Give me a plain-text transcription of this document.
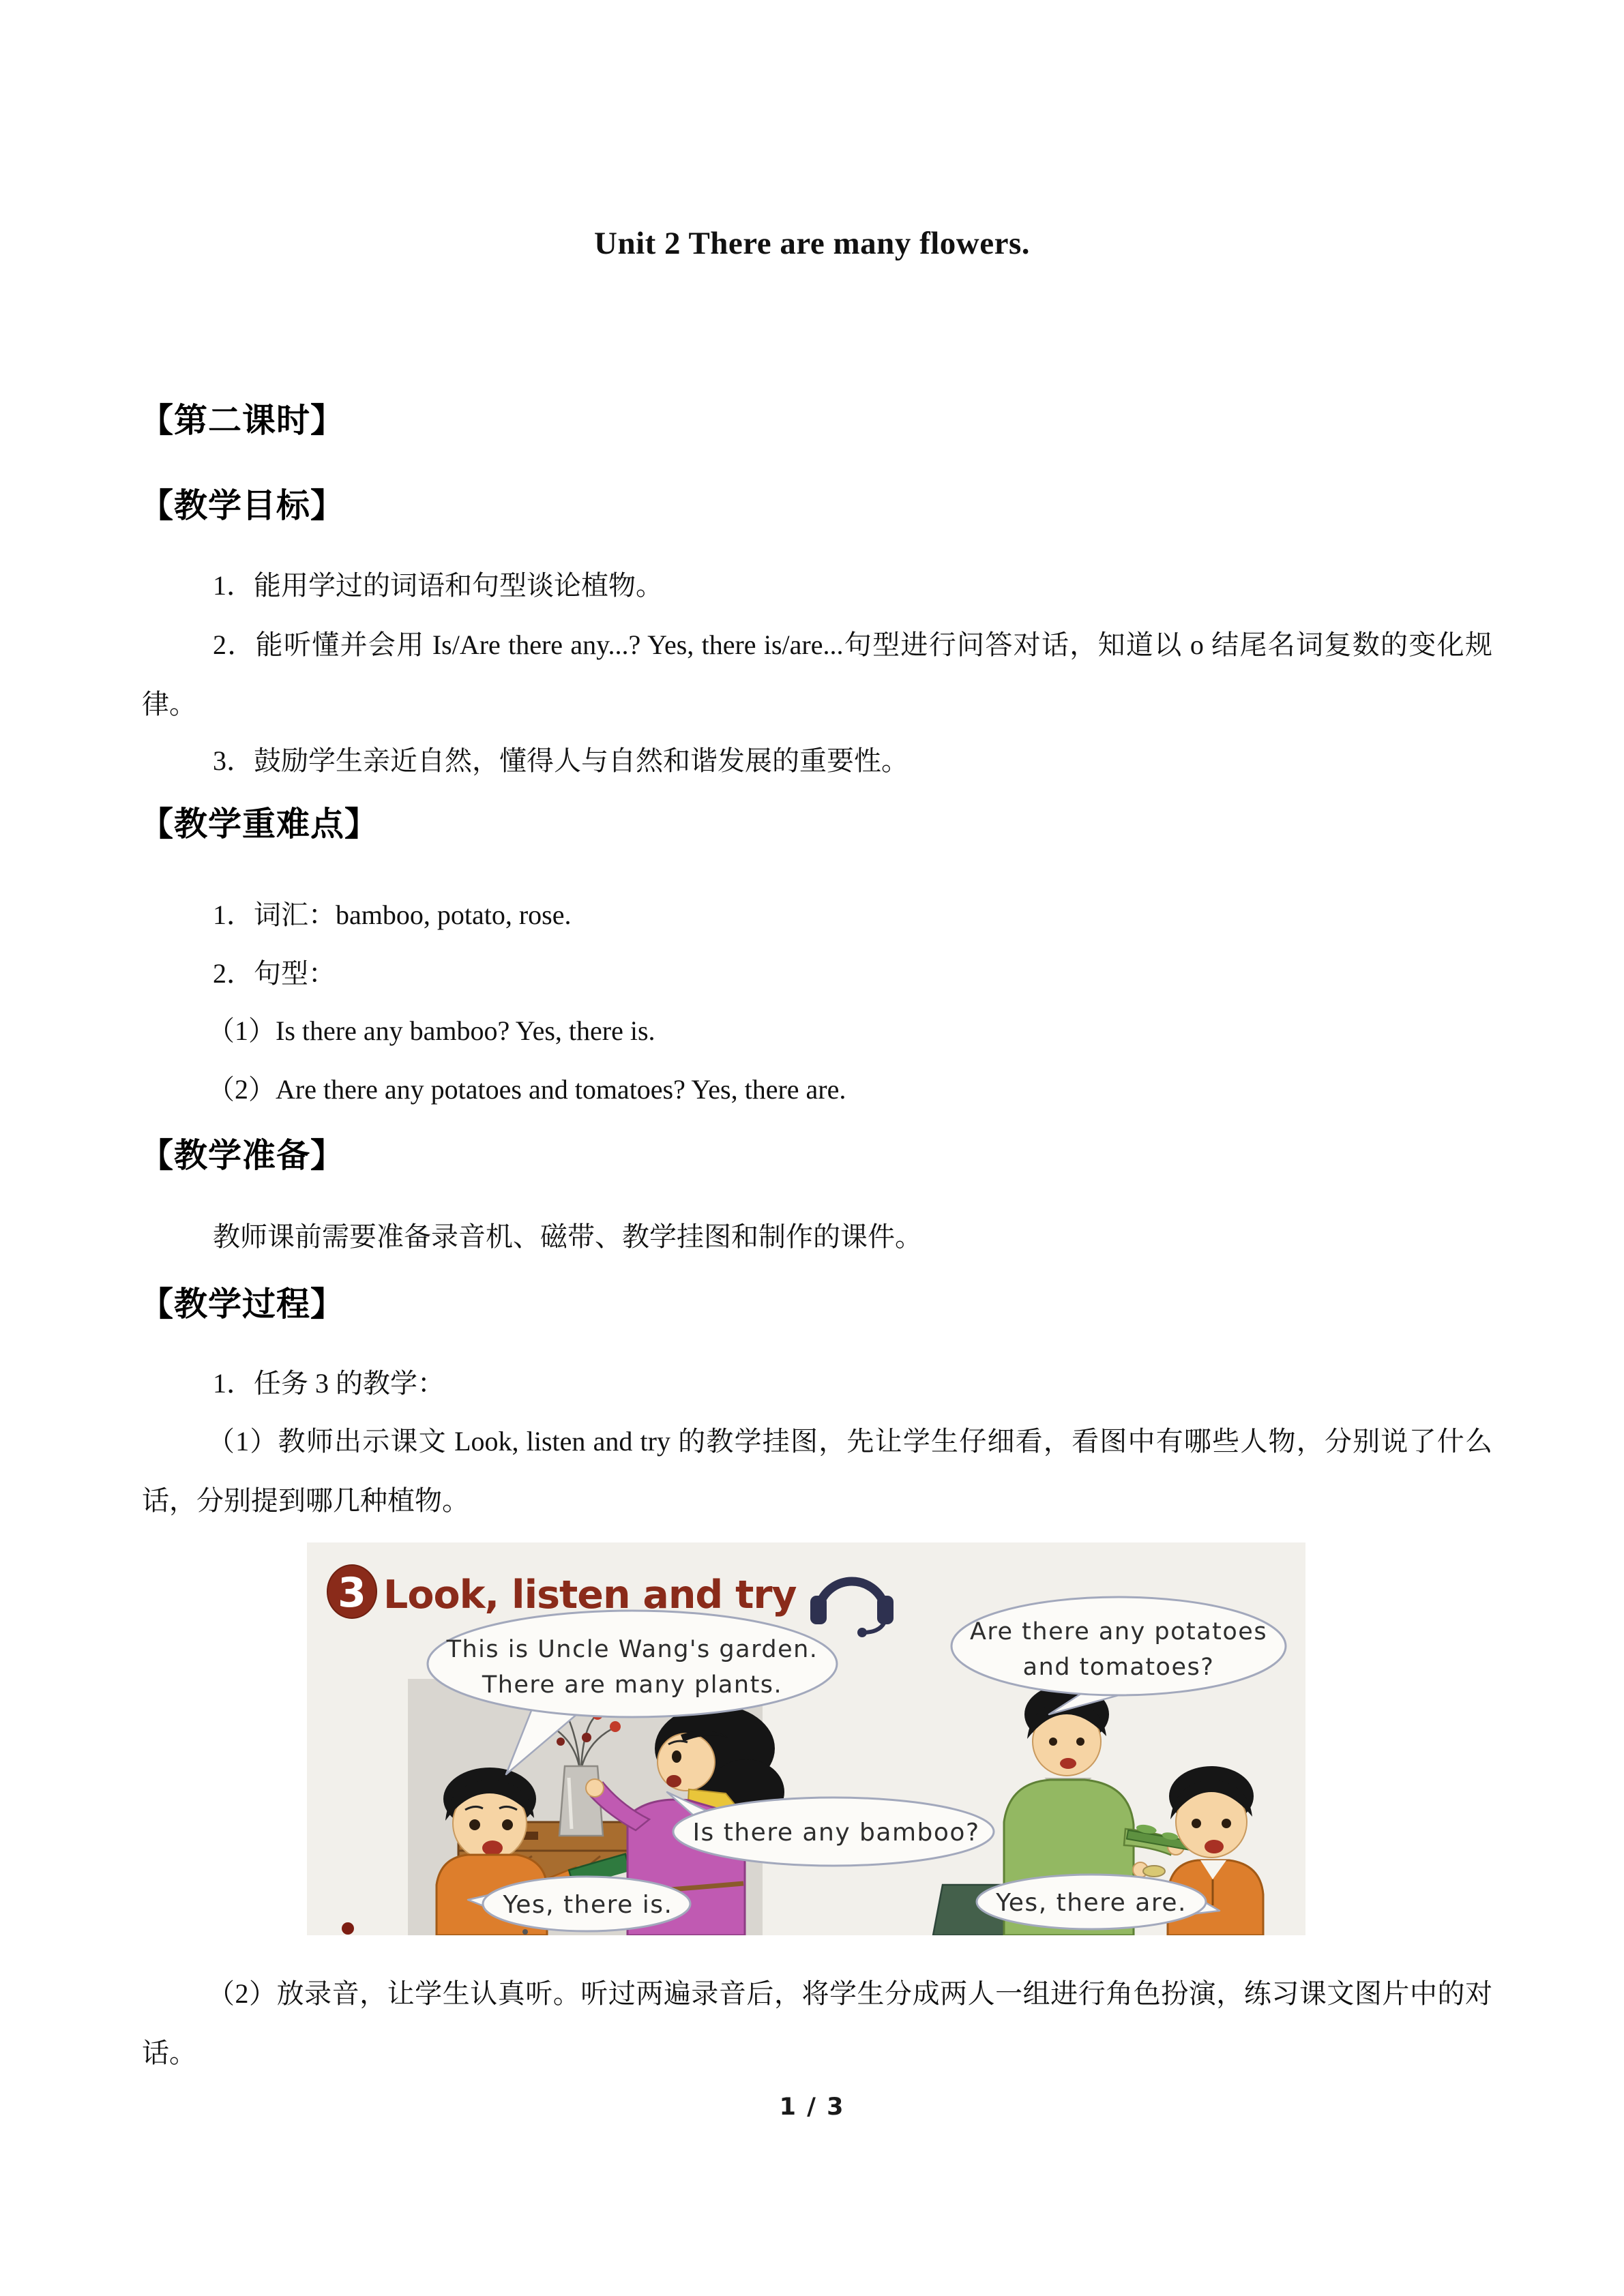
Unit 2 There are many flowers.
【第二课时】
【教学目标】
1．能用学过的词语和句型谈论植物。
2．能听懂并会用 Is/Are there any...? Yes, there is/are...句型进行问答对话，知道以 o 结尾名词复数的变化规律。
3．鼓励学生亲近自然，懂得人与自然和谐发展的重要性。
【教学重难点】
1．词汇：bamboo, potato, rose.
2．句型：
（1）Is there any bamboo? Yes, there is.
（2）Are there any potatoes and tomatoes? Yes, there are.
【教学准备】
教师课前需要准备录音机、磁带、教学挂图和制作的课件。
【教学过程】
1．任务 3 的教学：
（1）教师出示课文 Look, listen and try 的教学挂图，先让学生仔细看，看图中有哪些人物，分别说了什么话，分别提到哪几种植物。
This is Uncle Wang's garden.
There are many plants.
Are there any potatoes
and tomatoes?
Is there any bamboo?
Yes, there is.	Yes, there are.
3 Look, listen and try
（2）放录音，让学生认真听。听过两遍录音后，将学生分成两人一组进行角色扮演，练习课文图片中的对话。
1 / 3
